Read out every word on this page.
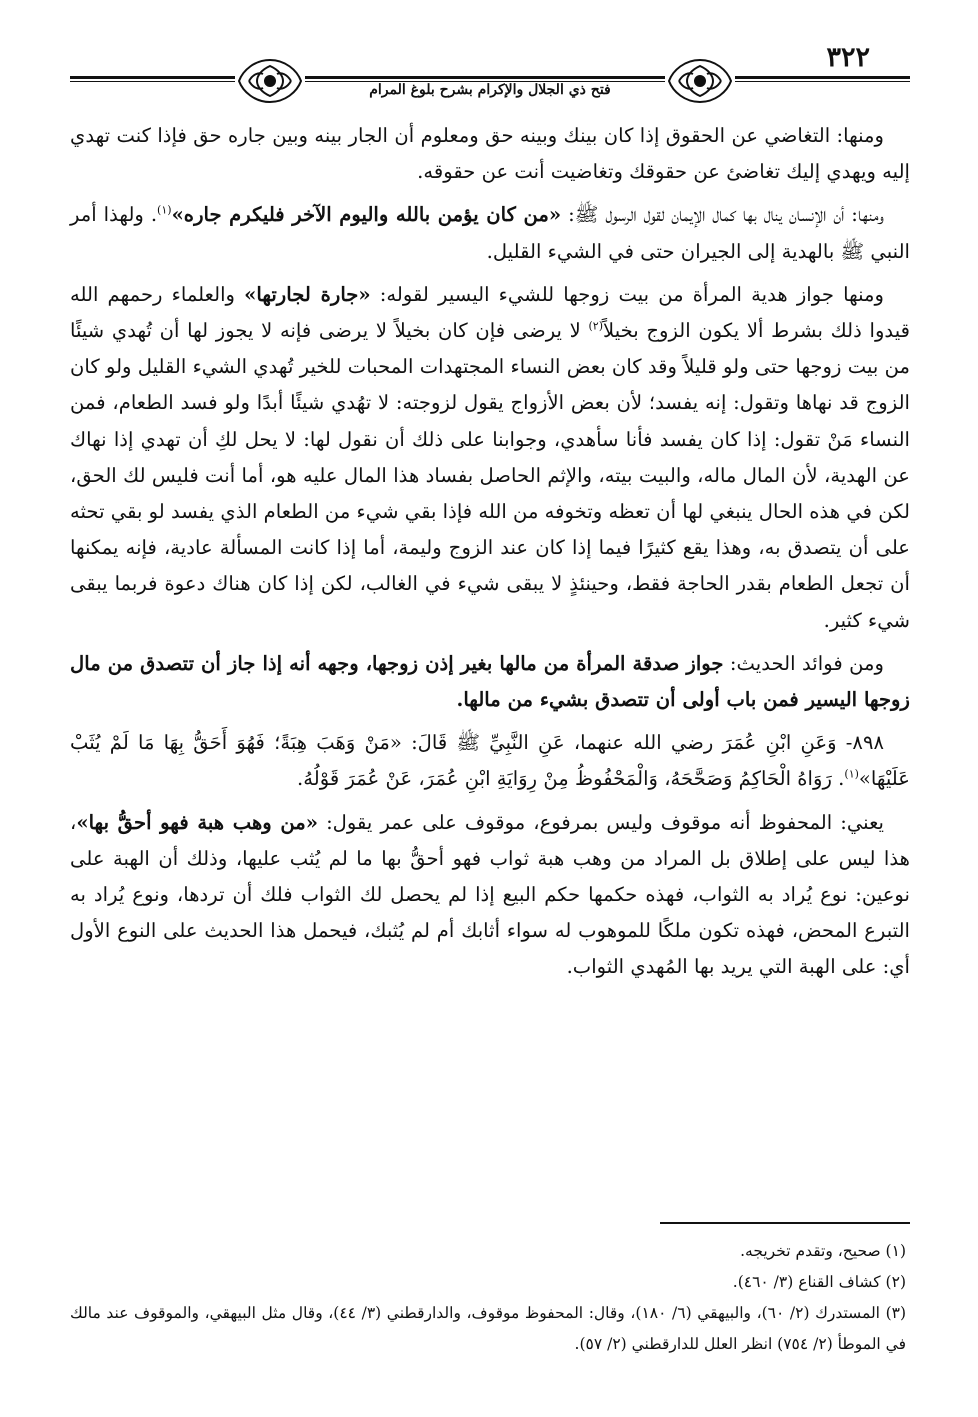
٣٢٢
فتح ذي الجلال والإكرام بشرح بلوغ المرام

ومنها: التغاضي عن الحقوق إذا كان بينك وبينه حق ومعلوم أن الجار بينه وبين جاره حق فإذا كنت تهدي إليه ويهدي إليك تغاضئ عن حقوقك وتغاضيت أنت عن حقوقه.

ومنها: أن الإنسان ينال بها كمال الإيمان لقول الرسول ﷺ: «من كان يؤمن بالله واليوم الآخر فليكرم جاره»$^{(١)}$. ولهذا أمر النبي ﷺ بالهدية إلى الجيران حتى في الشيء القليل.

ومنها جواز هدية المرأة من بيت زوجها للشيء اليسير لقوله: «جارة لجارتها» والعلماء رحمهم الله قيدوا ذلك بشرط ألا يكون الزوج بخيلاً$^{(٢)}$ لا يرضى فإن كان بخيلاً لا يرضى فإنه لا يجوز لها أن تُهدي شيئًا من بيت زوجها حتى ولو قليلاً وقد كان بعض النساء المجتهدات المحبات للخير تُهدي الشيء القليل ولو كان الزوج قد نهاها وتقول: إنه يفسد؛ لأن بعض الأزواج يقول لزوجته: لا تهُدي شيئًا أبدًا ولو فسد الطعام، فمن النساء مَنْ تقول: إذا كان يفسد فأنا سأهدي، وجوابنا على ذلك أن نقول لها: لا يحل لكِ أن تهدي إذا نهاك عن الهدية، لأن المال ماله، والبيت بيته، والإثم الحاصل بفساد هذا المال عليه هو، أما أنت فليس لك الحق، لكن في هذه الحال ينبغي لها أن تعظه وتخوفه من الله فإذا بقي شيء من الطعام الذي يفسد لو بقي تحثه على أن يتصدق به، وهذا يقع كثيرًا فيما إذا كان عند الزوج وليمة، أما إذا كانت المسألة عادية، فإنه يمكنها أن تجعل الطعام بقدر الحاجة فقط، وحينئذٍ لا يبقى شيء في الغالب، لكن إذا كان هناك دعوة فربما يبقى شيء كثير.

ومن فوائد الحديث: جواز صدقة المرأة من مالها بغير إذن زوجها، وجهه أنه إذا جاز أن تتصدق من مال زوجها اليسير فمن باب أولى أن تتصدق بشيء من مالها.

٨٩٨- وَعَنِ ابْنِ عُمَرَ رضي الله عنهما، عَنِ النَّبِيِّ ﷺ قَالَ: «مَنْ وَهَبَ هِبَةً؛ فَهُوَ أَحَقُّ بِهَا مَا لَمْ يُثَبْ عَلَيْهَا»$^{(١)}$. رَوَاهُ الْحَاكِمُ وَصَحَّحَهُ، وَالْمَحْفُوظُ مِنْ رِوَايَةِ ابْنِ عُمَرَ، عَنْ عُمَرَ قَوْلُهُ.

يعني: المحفوظ أنه موقوف وليس بمرفوع، موقوف على عمر يقول: «من وهب هبة فهو أحقُّ بها»، هذا ليس على إطلاق بل المراد من وهب هبة ثواب فهو أحقُّ بها ما لم يُثب عليها، وذلك أن الهبة على نوعين: نوع يُراد به الثواب، فهذه حكمها حكم البيع إذا لم يحصل لك الثواب فلك أن تردها، ونوع يُراد به التبرع المحض، فهذه تكون ملكًا للموهوب له سواء أثابك أم لم يُثبك، فيحمل هذا الحديث على النوع الأول أي: على الهبة التي يريد بها المُهدي الثواب.

(١) صحيح، وتقدم تخريجه.

(٢) كشاف القناع (٣/ ٤٦٠).

(٣) المستدرك (٢/ ٦٠)، والبيهقي (٦/ ١٨٠)، وقال: المحفوظ موقوف، والدارقطني (٣/ ٤٤)، وقال مثل البيهقي، والموقوف عند مالك في الموطأ (٢/ ٧٥٤) انظر العلل للدارقطني (٢/ ٥٧).
